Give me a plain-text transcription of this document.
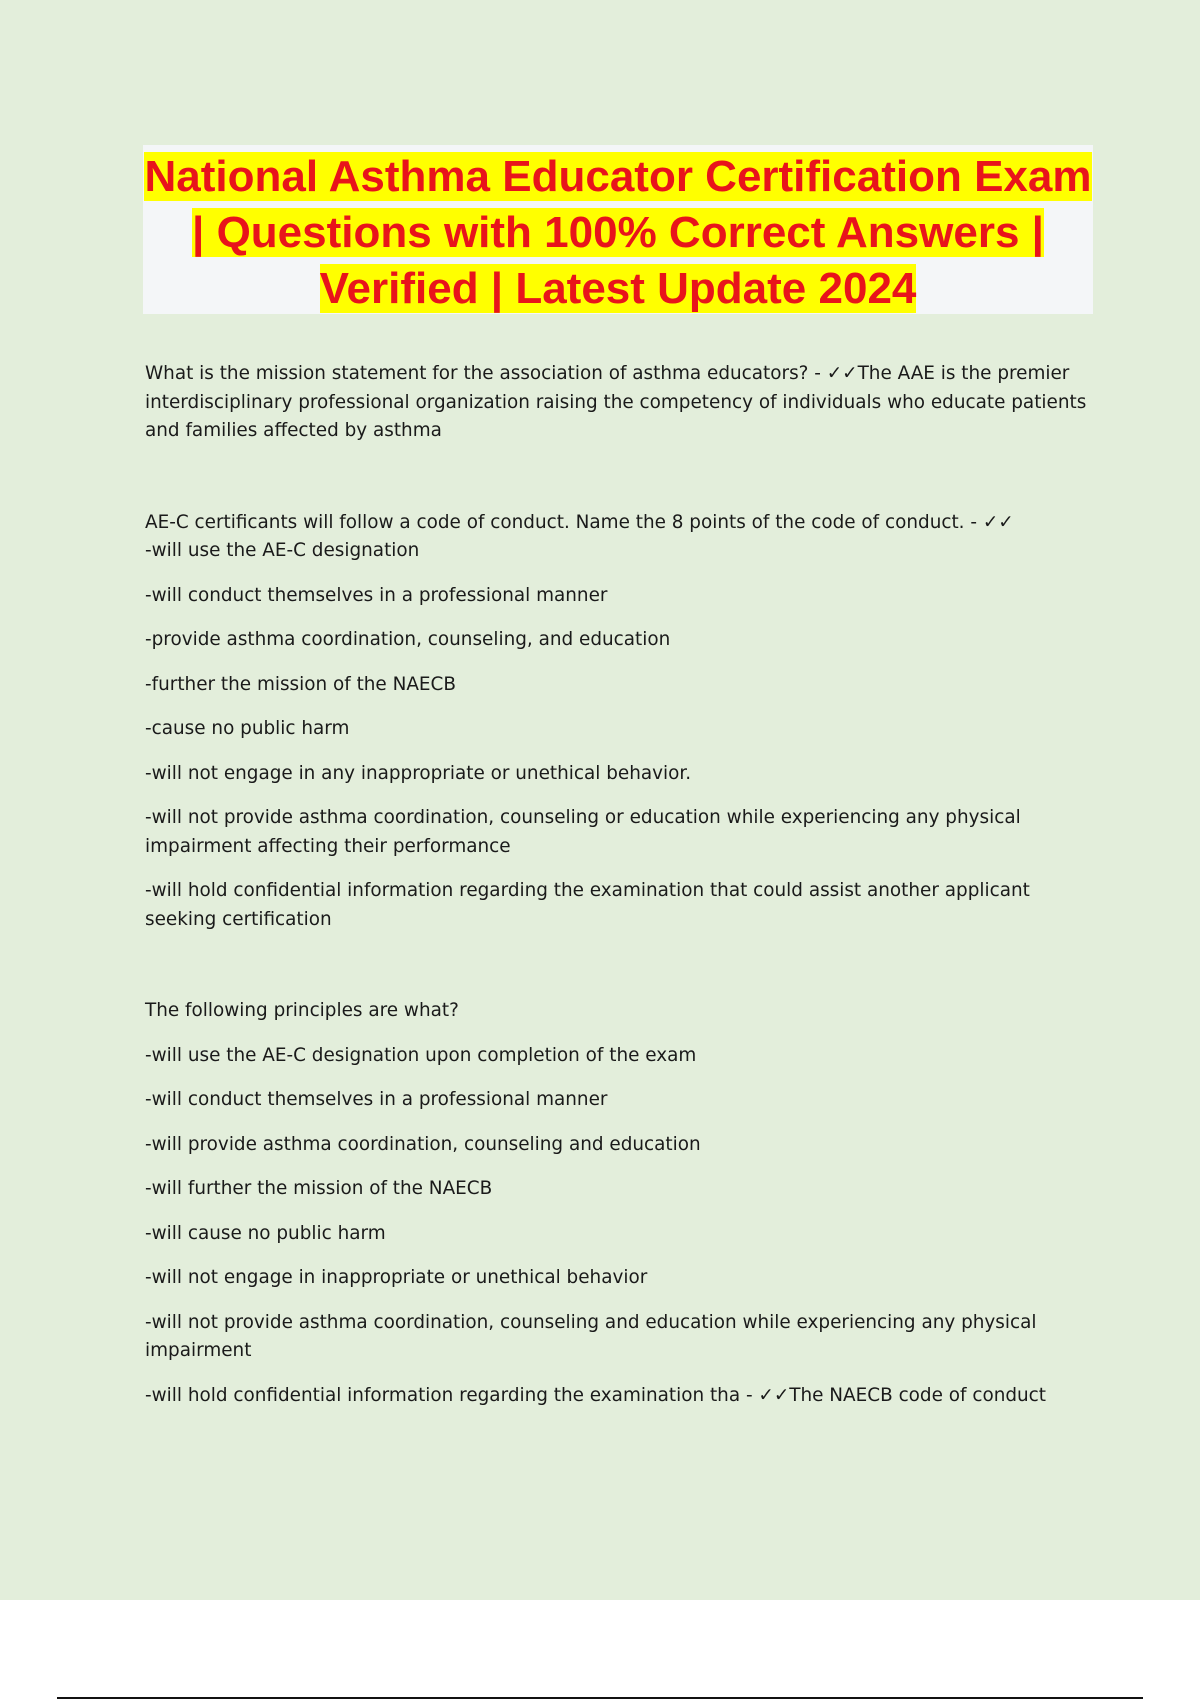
National Asthma Educator Certification Exam | Questions with 100% Correct Answers | Verified | Latest Update 2024

What is the mission statement for the association of asthma educators? - ✓✓The AAE is the premier interdisciplinary professional organization raising the competency of individuals who educate patients and families affected by asthma

AE-C certificants will follow a code of conduct. Name the 8 points of the code of conduct. - ✓✓

-will use the AE-C designation

-will conduct themselves in a professional manner

-provide asthma coordination, counseling, and education

-further the mission of the NAECB

-cause no public harm

-will not engage in any inappropriate or unethical behavior.

-will not provide asthma coordination, counseling or education while experiencing any physical impairment affecting their performance

-will hold confidential information regarding the examination that could assist another applicant seeking certification

The following principles are what?

-will use the AE-C designation upon completion of the exam

-will conduct themselves in a professional manner

-will provide asthma coordination, counseling and education

-will further the mission of the NAECB

-will cause no public harm

-will not engage in inappropriate or unethical behavior

-will not provide asthma coordination, counseling and education while experiencing any physical impairment

-will hold confidential information regarding the examination tha - ✓✓The NAECB code of conduct
